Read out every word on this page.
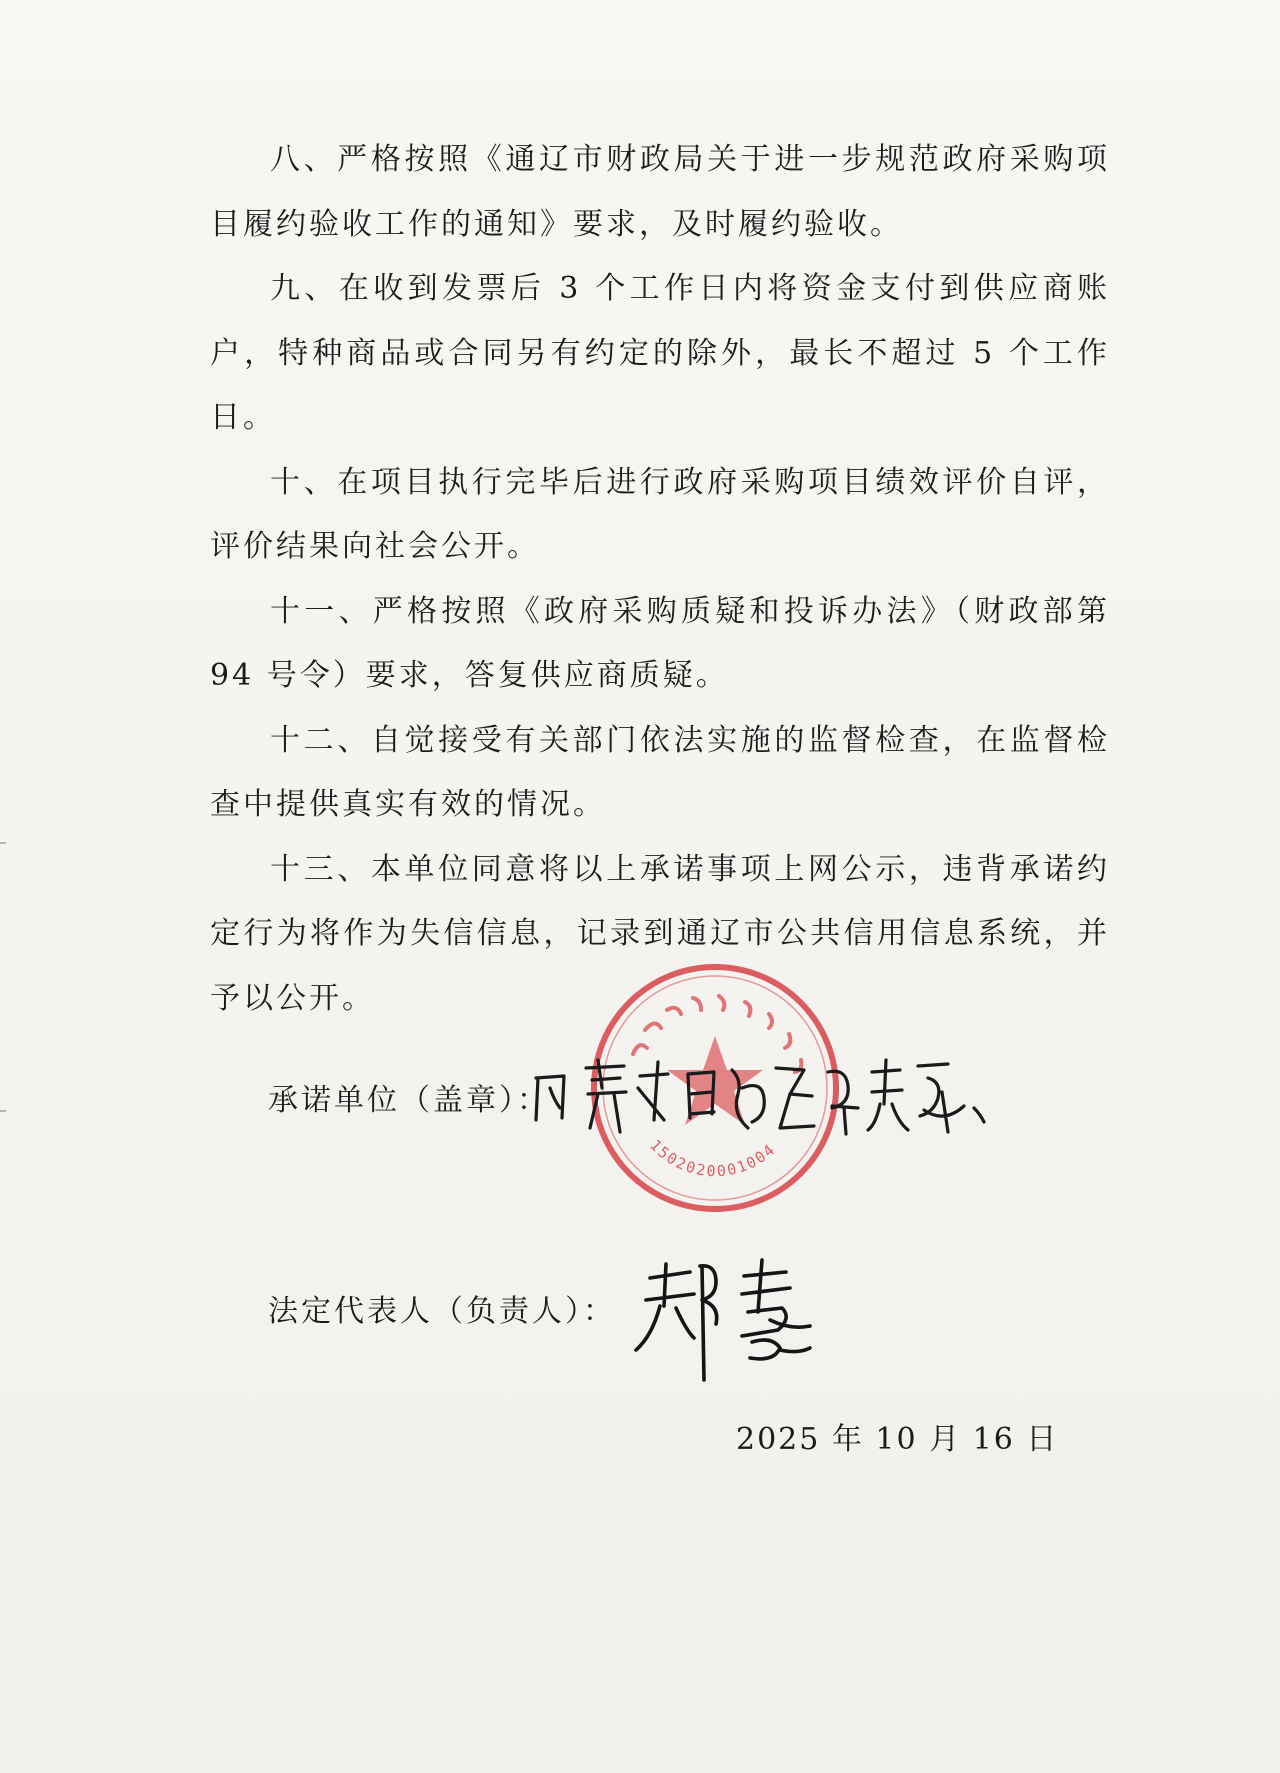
八、严格按照《通辽市财政局关于进一步规范政府采购项目履约验收工作的通知》要求，及时履约验收。

九、在收到发票后 3 个工作日内将资金支付到供应商账户，特种商品或合同另有约定的除外，最长不超过 5 个工作日。

十、在项目执行完毕后进行政府采购项目绩效评价自评，评价结果向社会公开。

十一、严格按照《政府采购质疑和投诉办法》（财政部第 94 号令）要求，答复供应商质疑。

十二、自觉接受有关部门依法实施的监督检查，在监督检查中提供真实有效的情况。

十三、本单位同意将以上承诺事项上网公示，违背承诺约定行为将作为失信信息，记录到通辽市公共信用信息系统，并予以公开。

1502020001004
承诺单位（盖章）：
法定代表人（负责人）：
2025 年 10 月 16 日
